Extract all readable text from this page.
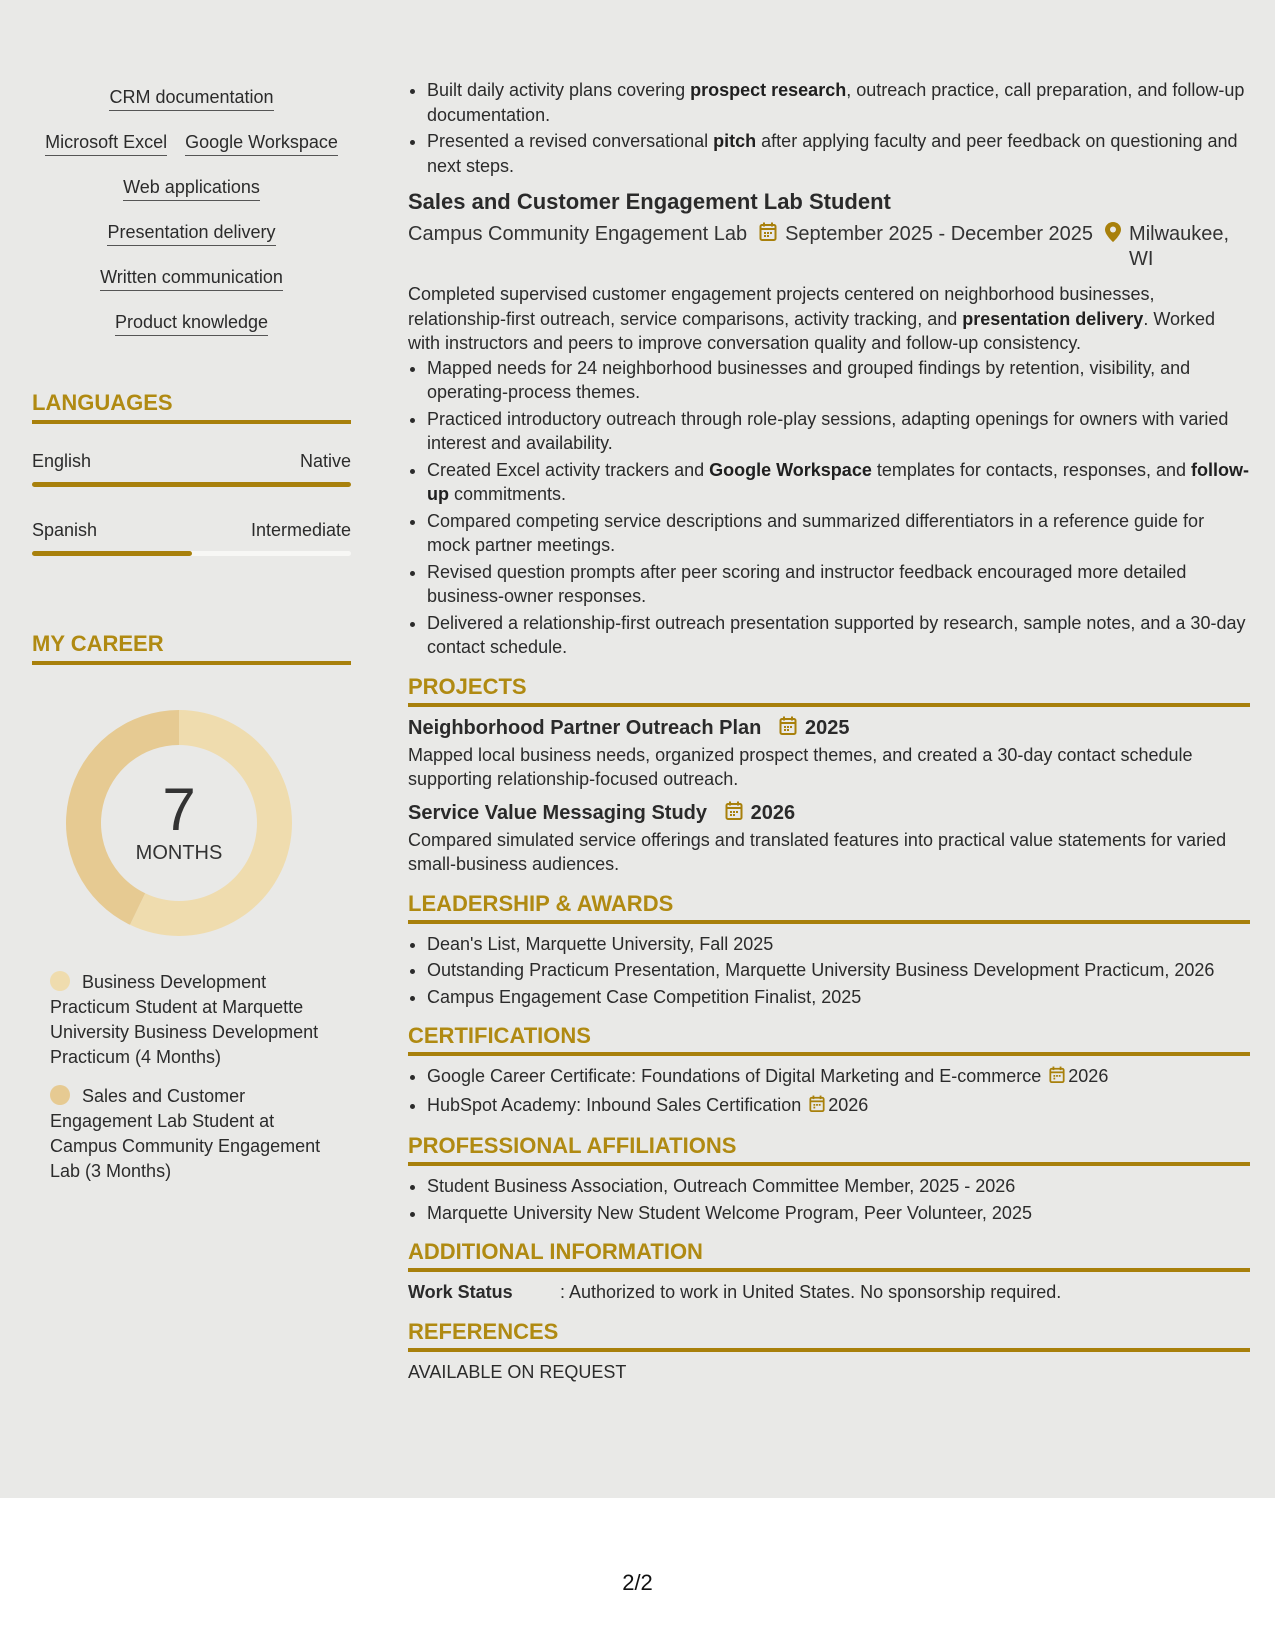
CRM documentation
Microsoft Excel Google Workspace
Web applications
Presentation delivery
Written communication
Product knowledge
LANGUAGES
English	Native
Spanish	Intermediate
MY CAREER
7
MONTHS
Business Development Practicum Student at Marquette University Business Development Practicum (4 Months)
Sales and Customer Engagement Lab Student at Campus Community Engagement Lab (3 Months)
• Built daily activity plans covering prospect research, outreach practice, call preparation, and follow-up documentation.
• Presented a revised conversational pitch after applying faculty and peer feedback on questioning and next steps.
Sales and Customer Engagement Lab Student
Campus Community Engagement Lab September 2025 - December 2025 Milwaukee, WI
Completed supervised customer engagement projects centered on neighborhood businesses, relationship-first outreach, service comparisons, activity tracking, and presentation delivery. Worked with instructors and peers to improve conversation quality and follow-up consistency.
• Mapped needs for 24 neighborhood businesses and grouped findings by retention, visibility, and operating-process themes.
• Practiced introductory outreach through role-play sessions, adapting openings for owners with varied interest and availability.
• Created Excel activity trackers and Google Workspace templates for contacts, responses, and follow-up commitments.
• Compared competing service descriptions and summarized differentiators in a reference guide for mock partner meetings.
• Revised question prompts after peer scoring and instructor feedback encouraged more detailed business-owner responses.
• Delivered a relationship-first outreach presentation supported by research, sample notes, and a 30-day contact schedule.
PROJECTS
Neighborhood Partner Outreach Plan 2025
Mapped local business needs, organized prospect themes, and created a 30-day contact schedule supporting relationship-focused outreach.
Service Value Messaging Study 2026
Compared simulated service offerings and translated features into practical value statements for varied small-business audiences.
LEADERSHIP & AWARDS
• Dean's List, Marquette University, Fall 2025
• Outstanding Practicum Presentation, Marquette University Business Development Practicum, 2026
• Campus Engagement Case Competition Finalist, 2025
CERTIFICATIONS
• Google Career Certificate: Foundations of Digital Marketing and E-commerce 2026
• HubSpot Academy: Inbound Sales Certification 2026
PROFESSIONAL AFFILIATIONS
• Student Business Association, Outreach Committee Member, 2025 - 2026
• Marquette University New Student Welcome Program, Peer Volunteer, 2025
ADDITIONAL INFORMATION
Work Status	: Authorized to work in United States. No sponsorship required.
REFERENCES
AVAILABLE ON REQUEST
2/2
